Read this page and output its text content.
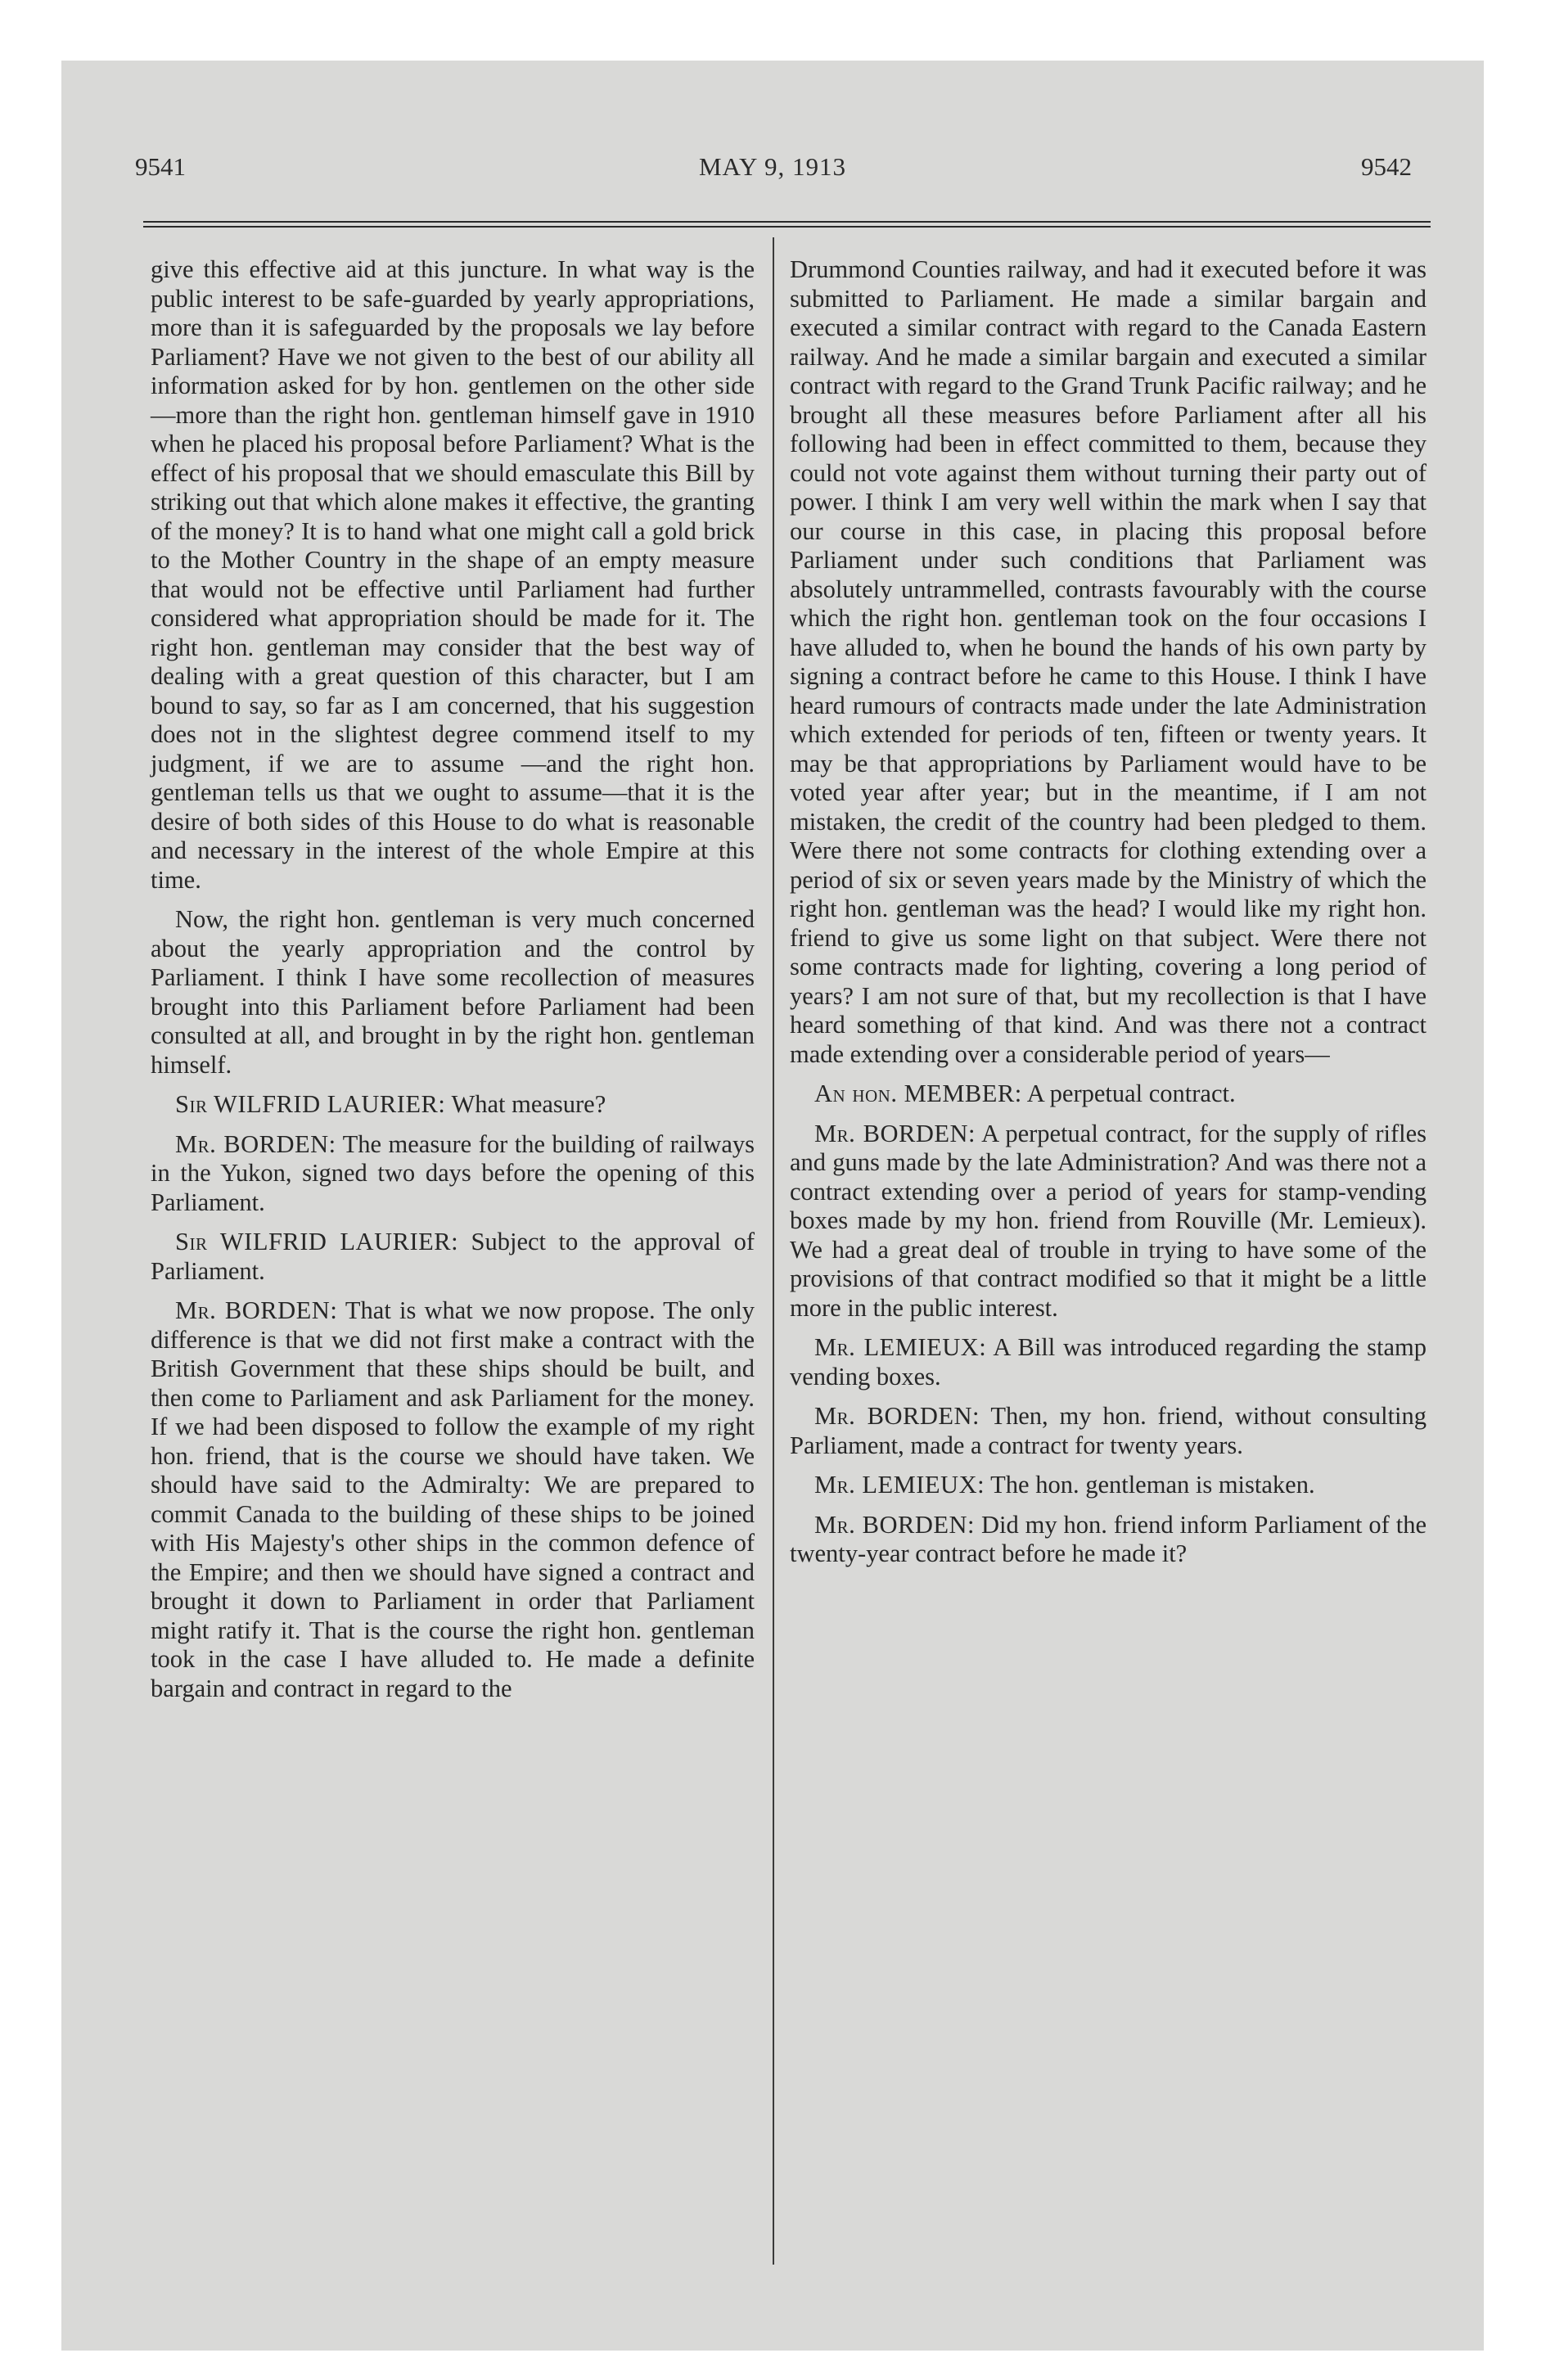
9541	MAY 9, 1913	9542

give this effective aid at this juncture. In what way is the public interest to be safe-guarded by yearly appropriations, more than it is safeguarded by the proposals we lay before Parliament? Have we not given to the best of our ability all information asked for by hon. gentlemen on the other side—more than the right hon. gentleman himself gave in 1910 when he placed his proposal before Parliament? What is the effect of his proposal that we should emasculate this Bill by striking out that which alone makes it effective, the granting of the money? It is to hand what one might call a gold brick to the Mother Country in the shape of an empty measure that would not be effective until Parliament had further considered what appropriation should be made for it. The right hon. gentleman may consider that the best way of dealing with a great question of this character, but I am bound to say, so far as I am concerned, that his suggestion does not in the slightest degree commend itself to my judgment, if we are to assume —and the right hon. gentleman tells us that we ought to assume—that it is the desire of both sides of this House to do what is reasonable and necessary in the interest of the whole Empire at this time.

Now, the right hon. gentleman is very much concerned about the yearly appropriation and the control by Parliament. I think I have some recollection of measures brought into this Parliament before Parliament had been consulted at all, and brought in by the right hon. gentleman himself.

Sir WILFRID LAURIER: What measure?

Mr. BORDEN: The measure for the building of railways in the Yukon, signed two days before the opening of this Parliament.

Sir WILFRID LAURIER: Subject to the approval of Parliament.

Mr. BORDEN: That is what we now propose. The only difference is that we did not first make a contract with the British Government that these ships should be built, and then come to Parliament and ask Parliament for the money. If we had been disposed to follow the example of my right hon. friend, that is the course we should have taken. We should have said to the Admiralty: We are prepared to commit Canada to the building of these ships to be joined with His Majesty's other ships in the common defence of the Empire; and then we should have signed a contract and brought it down to Parliament in order that Parliament might ratify it. That is the course the right hon. gentleman took in the case I have alluded to. He made a definite bargain and contract in regard to the

Drummond Counties railway, and had it executed before it was submitted to Parliament. He made a similar bargain and executed a similar contract with regard to the Canada Eastern railway. And he made a similar bargain and executed a similar contract with regard to the Grand Trunk Pacific railway; and he brought all these measures before Parliament after all his following had been in effect committed to them, because they could not vote against them without turning their party out of power. I think I am very well within the mark when I say that our course in this case, in placing this proposal before Parliament under such conditions that Parliament was absolutely untrammelled, contrasts favourably with the course which the right hon. gentleman took on the four occasions I have alluded to, when he bound the hands of his own party by signing a contract before he came to this House. I think I have heard rumours of contracts made under the late Administration which extended for periods of ten, fifteen or twenty years. It may be that appropriations by Parliament would have to be voted year after year; but in the meantime, if I am not mistaken, the credit of the country had been pledged to them. Were there not some contracts for clothing extending over a period of six or seven years made by the Ministry of which the right hon. gentleman was the head? I would like my right hon. friend to give us some light on that subject. Were there not some contracts made for lighting, covering a long period of years? I am not sure of that, but my recollection is that I have heard something of that kind. And was there not a contract made extending over a considerable period of years—

An hon. MEMBER: A perpetual contract.

Mr. BORDEN: A perpetual contract, for the supply of rifles and guns made by the late Administration? And was there not a contract extending over a period of years for stamp-vending boxes made by my hon. friend from Rouville (Mr. Lemieux). We had a great deal of trouble in trying to have some of the provisions of that contract modified so that it might be a little more in the public interest.

Mr. LEMIEUX: A Bill was introduced regarding the stamp vending boxes.

Mr. BORDEN: Then, my hon. friend, without consulting Parliament, made a contract for twenty years.

Mr. LEMIEUX: The hon. gentleman is mistaken.

Mr. BORDEN: Did my hon. friend inform Parliament of the twenty-year contract before he made it?
